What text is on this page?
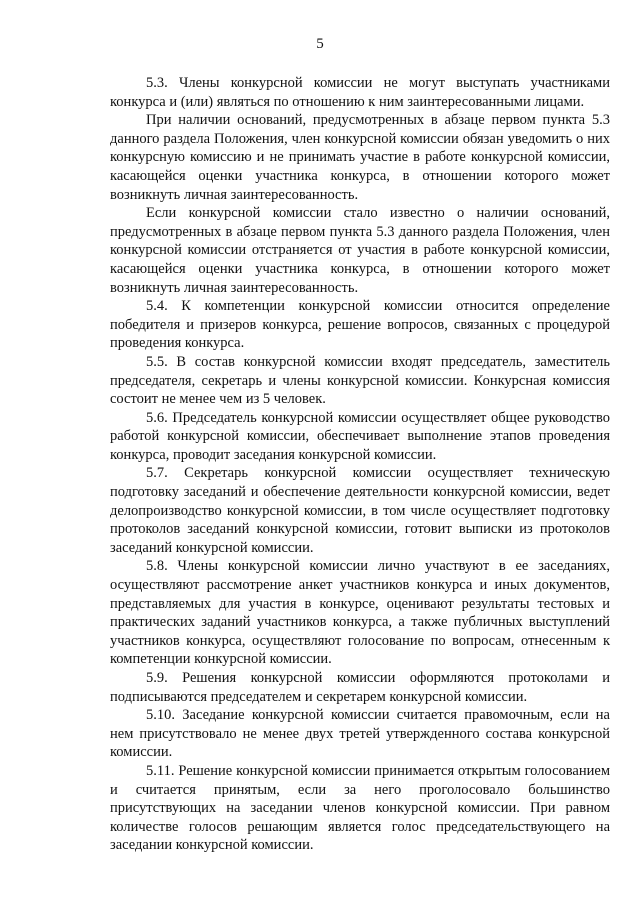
5

5.3. Члены конкурсной комиссии не могут выступать участниками конкурса и (или) являться по отношению к ним заинтересованными лицами.

При наличии оснований, предусмотренных в абзаце первом пункта 5.3 данного раздела Положения, член конкурсной комиссии обязан уведомить о них конкурсную комиссию и не принимать участие в работе конкурсной комиссии, касающейся оценки участника конкурса, в отношении которого может возникнуть личная заинтересованность.

Если конкурсной комиссии стало известно о наличии оснований, предусмотренных в абзаце первом пункта 5.3 данного раздела Положения, член конкурсной комиссии отстраняется от участия в работе конкурсной комиссии, касающейся оценки участника конкурса, в отношении которого может возникнуть личная заинтересованность.

5.4. К компетенции конкурсной комиссии относится определение победителя и призеров конкурса, решение вопросов, связанных с процедурой проведения конкурса.

5.5. В состав конкурсной комиссии входят председатель, заместитель председателя, секретарь и члены конкурсной комиссии. Конкурсная комиссия состоит не менее чем из 5 человек.

5.6. Председатель конкурсной комиссии осуществляет общее руководство работой конкурсной комиссии, обеспечивает выполнение этапов проведения конкурса, проводит заседания конкурсной комиссии.

5.7. Секретарь конкурсной комиссии осуществляет техническую подготовку заседаний и обеспечение деятельности конкурсной комиссии, ведет делопроизводство конкурсной комиссии, в том числе осуществляет подготовку протоколов заседаний конкурсной комиссии, готовит выписки из протоколов заседаний конкурсной комиссии.

5.8. Члены конкурсной комиссии лично участвуют в ее заседаниях, осуществляют рассмотрение анкет участников конкурса и иных документов, представляемых для участия в конкурсе, оценивают результаты тестовых и практических заданий участников конкурса, а также публичных выступлений участников конкурса, осуществляют голосование по вопросам, отнесенным к компетенции конкурсной комиссии.

5.9. Решения конкурсной комиссии оформляются протоколами и подписываются председателем и секретарем конкурсной комиссии.

5.10. Заседание конкурсной комиссии считается правомочным, если на нем присутствовало не менее двух третей утвержденного состава конкурсной комиссии.

5.11. Решение конкурсной комиссии принимается открытым голосованием и считается принятым, если за него проголосовало большинство присутствующих на заседании членов конкурсной комиссии. При равном количестве голосов решающим является голос председательствующего на заседании конкурсной комиссии.
